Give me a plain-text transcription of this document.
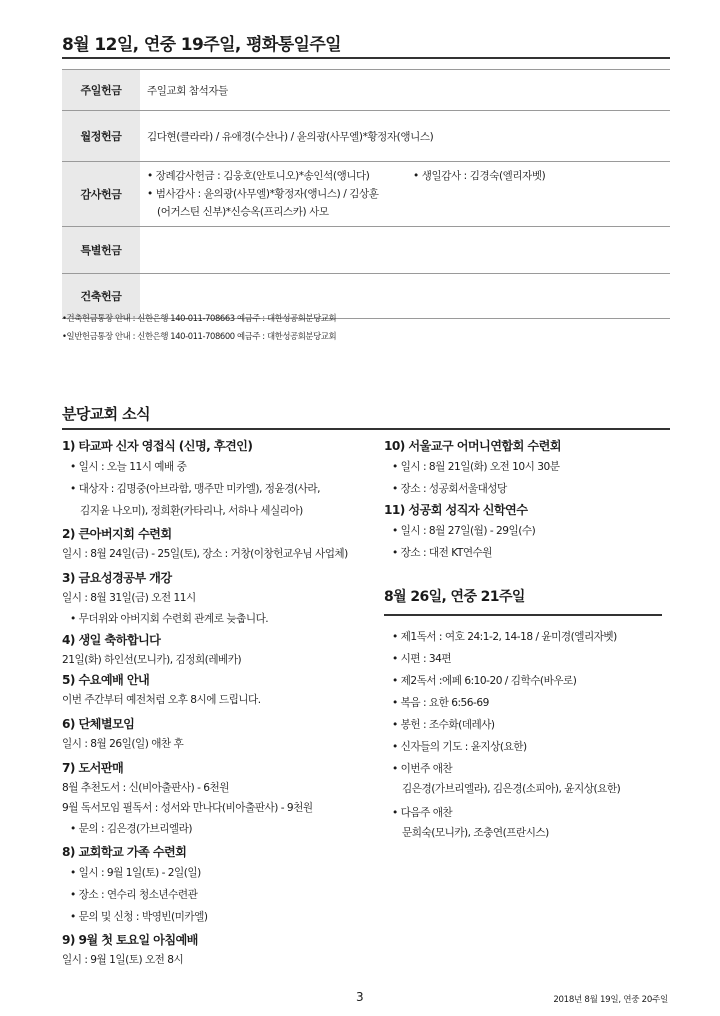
8월 12일, 연중 19주일, 평화통일주일
주일헌금	주일교회 참석자들
월정헌금	김다현(클라라) / 유애경(수산나) / 윤의광(사무엘)*황정자(앵니스)
감사헌금	• 장례감사헌금 : 김웅호(안토니오)*송인석(앵니다)
• 범사감사 : 윤의광(사무엘)*황정자(앵니스) / 김상훈
(어거스틴 신부)*신승옥(프리스카) 사모
• 생일감사 : 김경숙(엘리자벳)

특별헌금	
건축헌금	
•건축헌금통장 안내 : 신한은행 140-011-708663 예금주 : 대한성공회분당교회
•일반헌금통장 안내 : 신한은행 140-011-708600 예금주 : 대한성공회분당교회
분당교회 소식
1) 타교파 신자 영접식 (신명, 후견인)
• 일시 : 오늘 11시 예배 중
• 대상자 : 김명중(아브라함, 맹주만 미카엘), 정윤경(사라,
김지윤 나오미), 정희환(카타리나, 서하나 세실리아)
2) 큰아버지회 수련회
일시 : 8월 24일(금) - 25일(토), 장소 : 거창(이창헌교우님 사업체)
3) 금요성경공부 개강
일시 : 8월 31일(금) 오전 11시
• 무더위와 아버지회 수련회 관계로 늦춥니다.
4) 생일 축하합니다
21일(화) 하인선(모니카), 김정희(레베카)
5) 수요예배 안내
이번 주간부터 예전처럼 오후 8시에 드립니다.
6) 단체별모임
일시 : 8월 26일(일) 애찬 후
7) 도서판매
8월 추천도서 : 신(비아출판사) - 6천원
9월 독서모임 필독서 : 성서와 만나다(비아출판사) - 9천원
• 문의 : 김은경(가브리엘라)
8) 교회학교 가족 수련회
• 일시 : 9월 1일(토) - 2일(일)
• 장소 : 연수리 청소년수련관
• 문의 및 신청 : 박영빈(미카엘)
9) 9월 첫 토요일 아침예배
일시 : 9월 1일(토) 오전 8시
10) 서울교구 어머니연합회 수련회
• 일시 : 8월 21일(화) 오전 10시 30분
• 장소 : 성공회서울대성당
11) 성공회 성직자 신학연수
• 일시 : 8월 27일(월) - 29일(수)
• 장소 : 대전 KT연수원
8월 26일, 연중 21주일
• 제1독서 : 여호 24:1-2, 14-18 / 윤미경(엘리자벳)
• 시편 : 34편
• 제2독서 :에페 6:10-20 / 김학수(바우로)
• 복음 : 요한 6:56-69
• 봉헌 : 조수화(데레사)
• 신자들의 기도 : 윤지상(요한)
• 이번주 애찬
김은경(가브리엘라), 김은경(소피아), 윤지상(요한)
• 다음주 애찬
문희숙(모니카), 조충연(프란시스)
3	2018년 8월 19일, 연중 20주일
